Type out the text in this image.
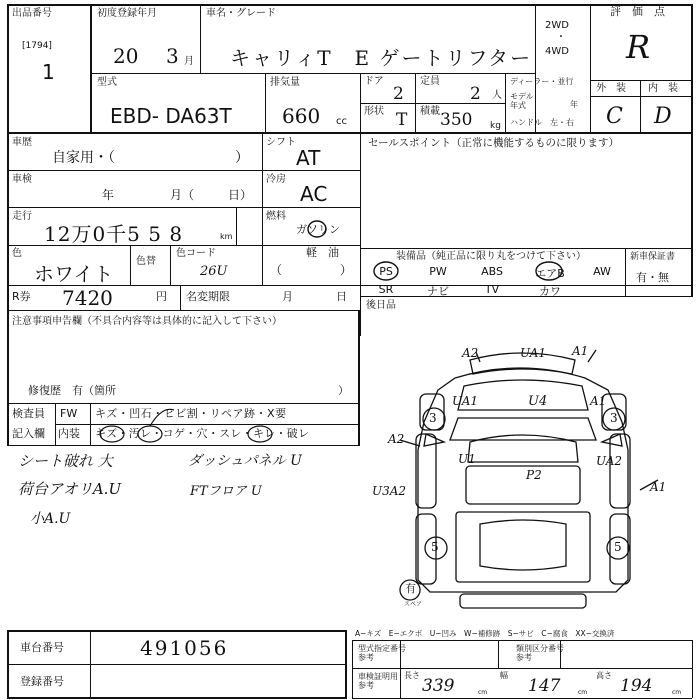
出品番号
[1794]
1
初度登録年月
20 3 月
車名・グレード
キャリィT　E ゲートリフター
2WD
・
4WD
評　価　点
R
型式
EBD- DA63T
排気量
660 cc
ドア
2
定員
2 人
形状 T 積載 350 kg
ディーラー・並行
モデル
年式	年
ハンドル　左・右
外　装 内　装
C D
車歴
自家用・（	）
シフト
AT
セールスポイント（正常に機能するものに限ります）
車検
年	月（	日）
冷房
AC
走行
12万0千5 5 8	km
燃料
ガソリン
軽　油
（	）
色
ホワイト
色替
色コード
26U
装備品（純正品に限り丸をつけて下さい）	新車保証書
有・無
PS	PW	ABS	エアB	AW
SR	ナビ	TV	カワ
R券 7420	円 名変期限	月	日
後日品
注意事項申告欄（不具合内容等は具体的に記入して下さい）
修復歴　有（箇所	）
検査員
記入欄
FW キズ・凹石・ヒビ割・リペア跡・X要
内装 キズ・汚レ・コゲ・穴・スレ・キレ・破レ
シート破れ 大	ダッシュパネル U
荷台アオリA.U	FTフロア U
小A.U
A2	UA1 A1
UA1	U4	A1
3	3
A2
U1	UA2
P2
A1
U3A2
5	5
有
スペア
A−キズ　E−エクボ　U−凹み　W−補修跡　S−サビ　C−腐食　XX−交換済
車台番号	491056
登録番号
型式指定番号
参考
類別区分番号
参考
車検証明用
参考
長さ
339	cm
幅
147	cm
高さ
194	cm
